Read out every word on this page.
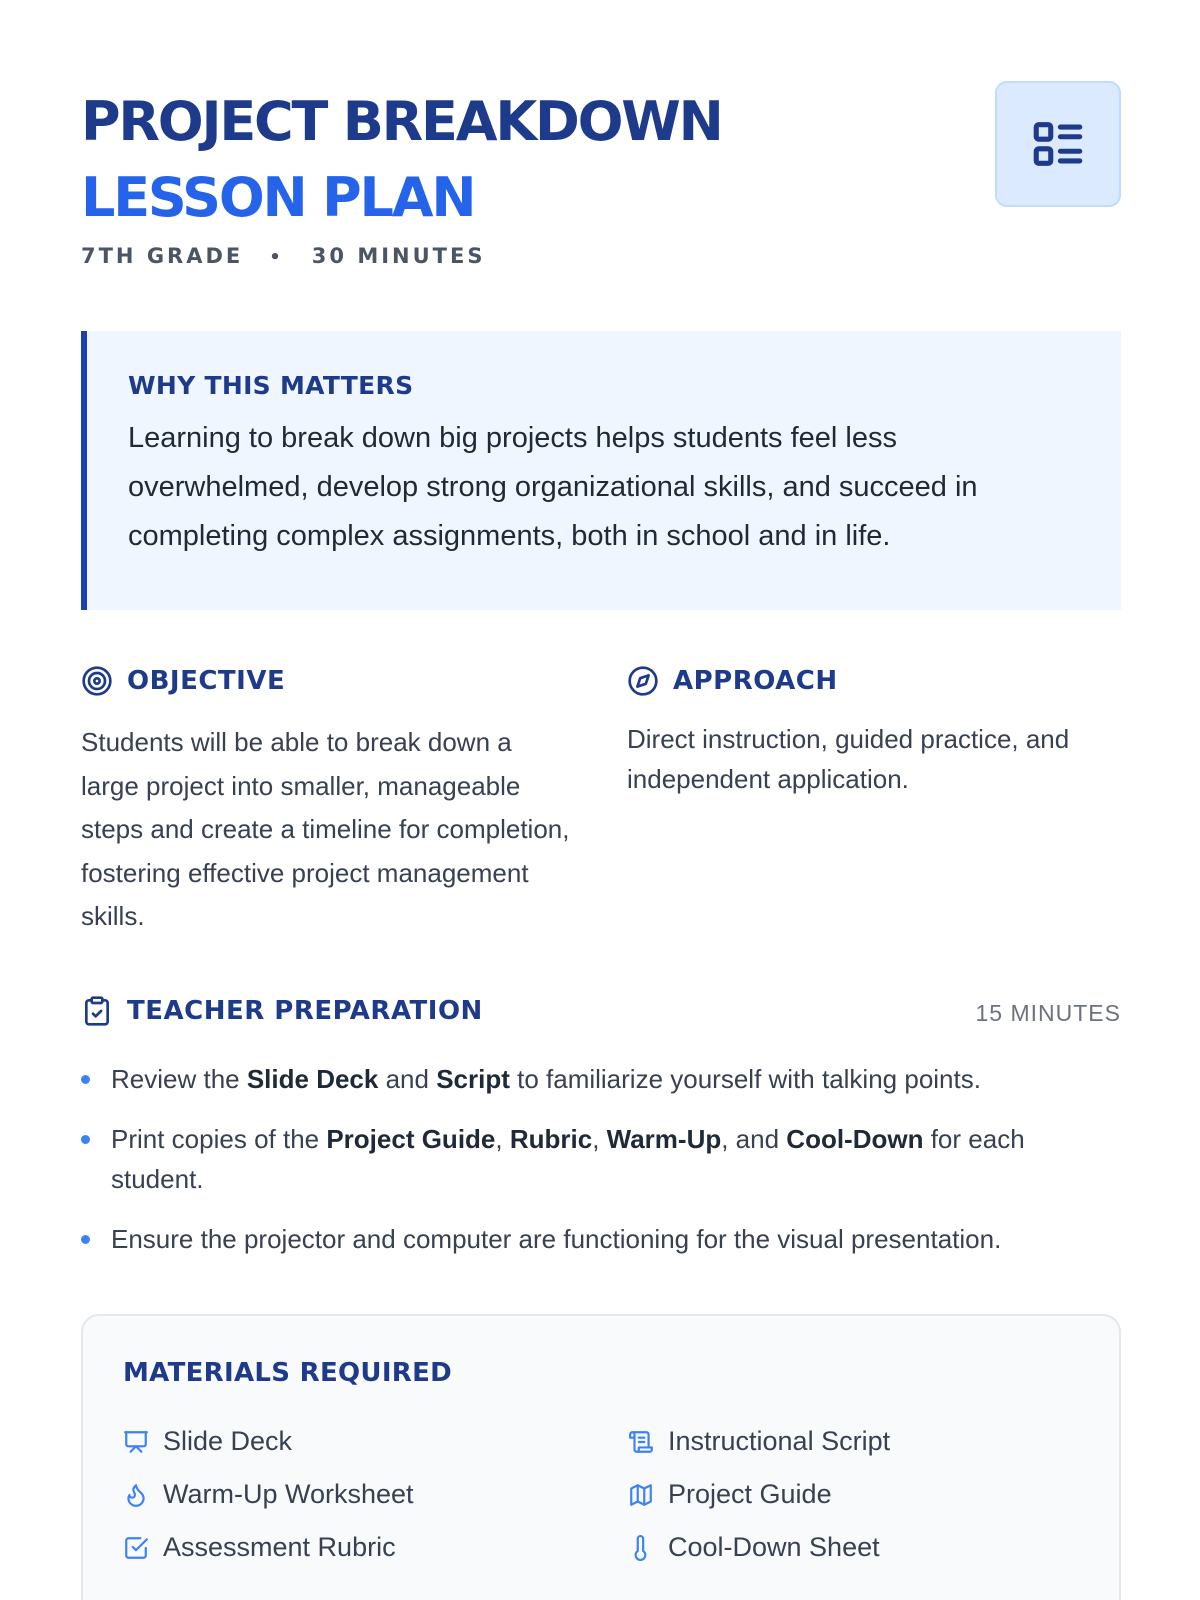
PROJECT BREAKDOWN
LESSON PLAN
7TH GRADE • 30 MINUTES
WHY THIS MATTERS
Learning to break down big projects helps students feel less overwhelmed, develop strong organizational skills, and succeed in completing complex assignments, both in school and in life.
OBJECTIVE
Students will be able to break down a large project into smaller, manageable steps and create a timeline for completion, fostering effective project management skills.
APPROACH
Direct instruction, guided practice, and independent application.
TEACHER PREPARATION	15 MINUTES
Review the Slide Deck and Script to familiarize yourself with talking points.
Print copies of the Project Guide, Rubric, Warm-Up, and Cool-Down for each student.
Ensure the projector and computer are functioning for the visual presentation.
MATERIALS REQUIRED
Slide Deck	Instructional Script
Warm-Up Worksheet	Project Guide
Assessment Rubric	Cool-Down Sheet
